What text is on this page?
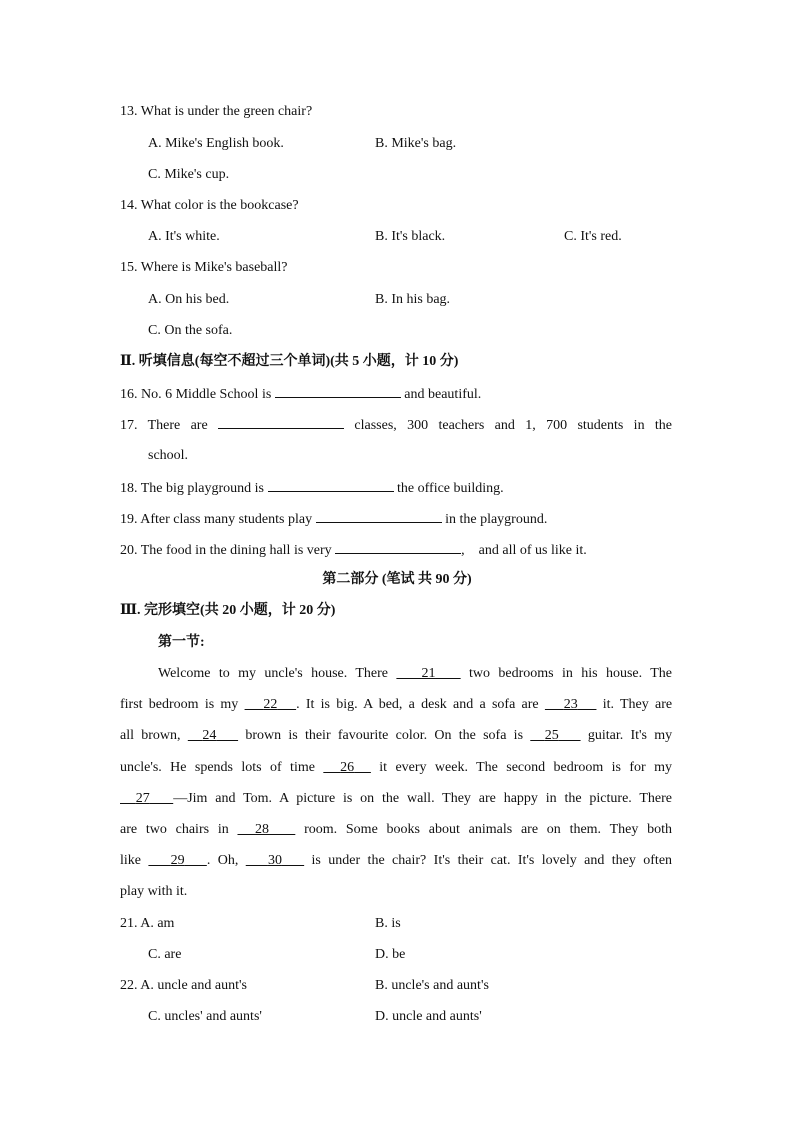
13. What is under the green chair?
A. Mike's English book.	B. Mike's bag.
C. Mike's cup.
14. What color is the bookcase?
A. It's white.	B. It's black.	C. It's red.
15. Where is Mike's baseball?
A. On his bed.	B. In his bag.
C. On the sofa.
Ⅱ. 听填信息(每空不超过三个单词)(共 5 小题，计 10 分)
16. No. 6 Middle School is	and beautiful.
17. There are	classes, 300 teachers and 1, 700 students in the
school.
18. The big playground is	the office building.
19. After class many students play	in the playground.
20. The food in the dining hall is very	,    and all of us like it.
第二部分 (笔试 共 90 分)
Ⅲ. 完形填空(共 20 小题，计 20 分)
第一节:
Welcome to my uncle's house. There 21 two bedrooms in his house. The
first bedroom is my 22 . It is big. A bed, a desk and a sofa are 23 it. They are
all brown, 24 brown is their favourite color. On the sofa is 25 guitar. It's my
uncle's. He spends lots of time 26 it every week. The second bedroom is for my
27 —Jim and Tom. A picture is on the wall. They are happy in the picture. There
are two chairs in 28	room. Some books about animals are on them. They both
like 29 . Oh, 30 is under the chair? It's their cat. It's lovely and they often
play with it.
21. A. am	B. is
C. are	D. be
22. A. uncle and aunt's	B. uncle's and aunt's
C. uncles' and aunts'	D. uncle and aunts'
